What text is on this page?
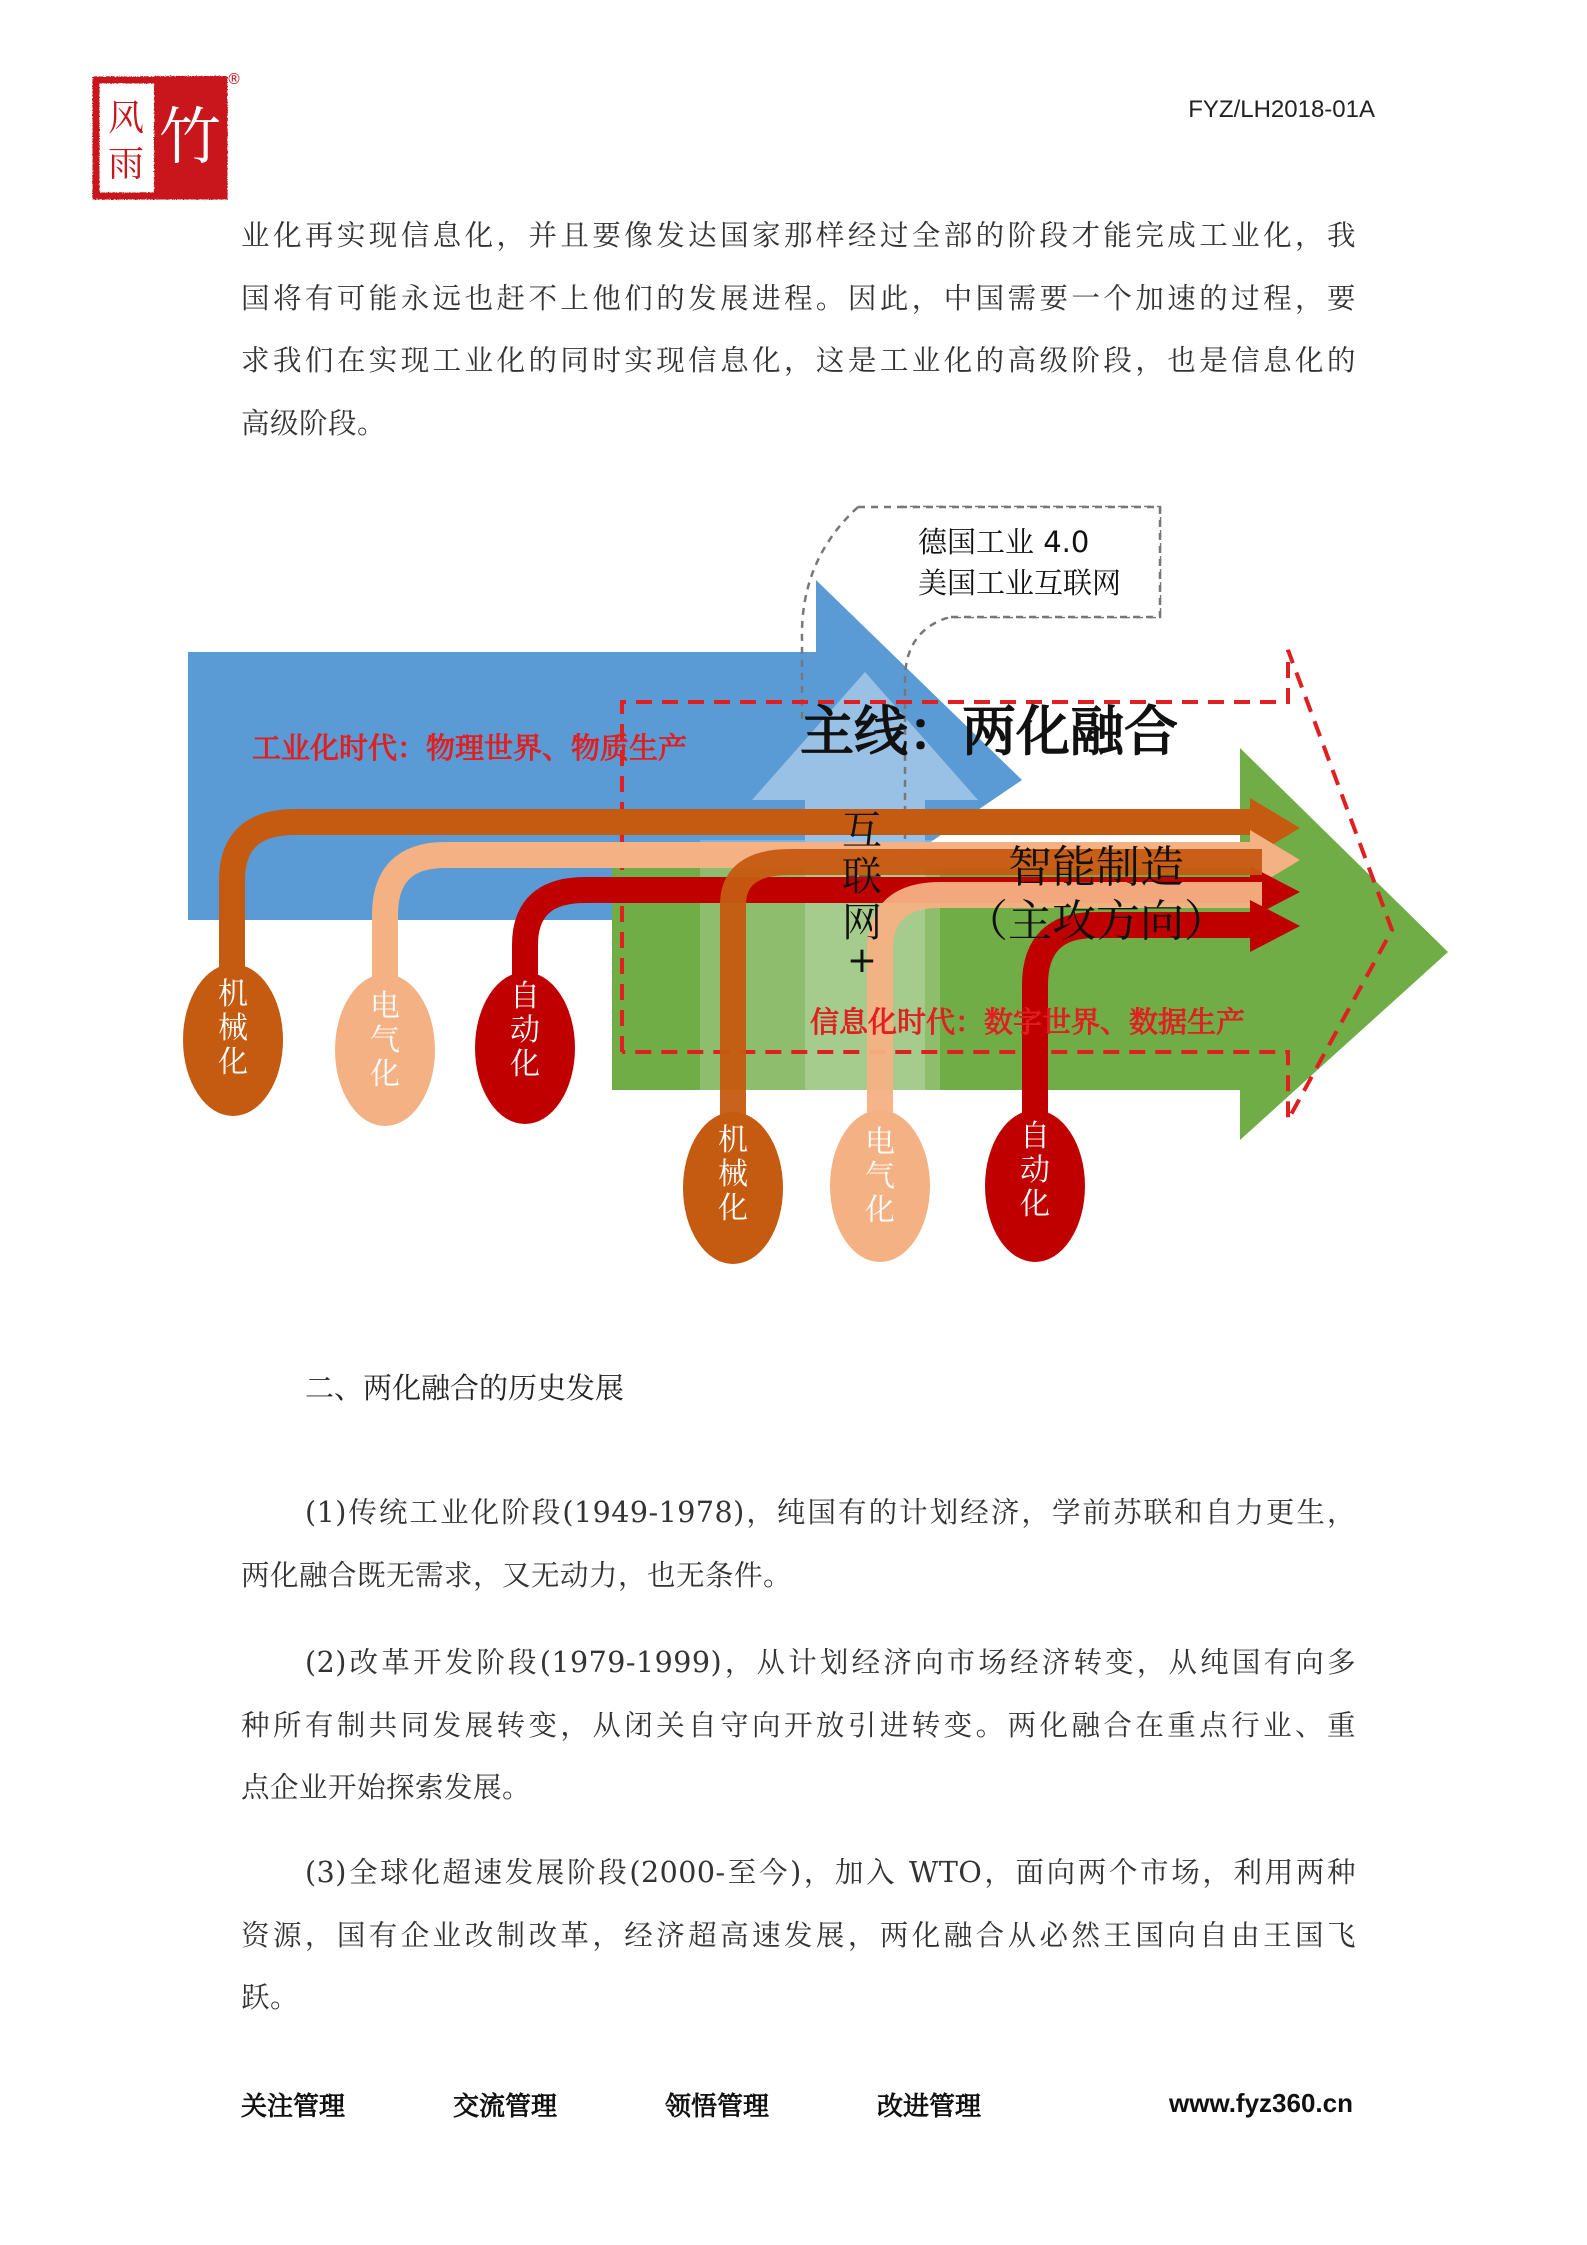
风
雨 竹
®
FYZ/LH2018-01A

业化再实现信息化，并且要像发达国家那样经过全部的阶段才能完成工业化，我
国将有可能永远也赶不上他们的发展进程。因此，中国需要一个加速的过程，要
求我们在实现工业化的同时实现信息化，这是工业化的高级阶段，也是信息化的
高级阶段。

德国工业 4.0
美国工业互联网
主线：两化融合
工业化时代：物理世界、物质生产
智能制造
（主攻方向）
互
联
网
+
信息化时代：数字世界、数据生产
机
械
化
电
气
化
自
动
化
机
械
化
电
气
化
自
动
化
二、两化融合的历史发展

(1)传统工业化阶段(1949-1978)，纯国有的计划经济，学前苏联和自力更生，
两化融合既无需求，又无动力，也无条件。

(2)改革开发阶段(1979-1999)，从计划经济向市场经济转变，从纯国有向多
种所有制共同发展转变，从闭关自守向开放引进转变。两化融合在重点行业、重
点企业开始探索发展。

(3)全球化超速发展阶段(2000-至今)，加入 WTO，面向两个市场，利用两种
资源，国有企业改制改革，经济超高速发展，两化融合从必然王国向自由王国飞
跃。

关注管理	交流管理	领悟管理	改进管理	www.fyz360.cn
